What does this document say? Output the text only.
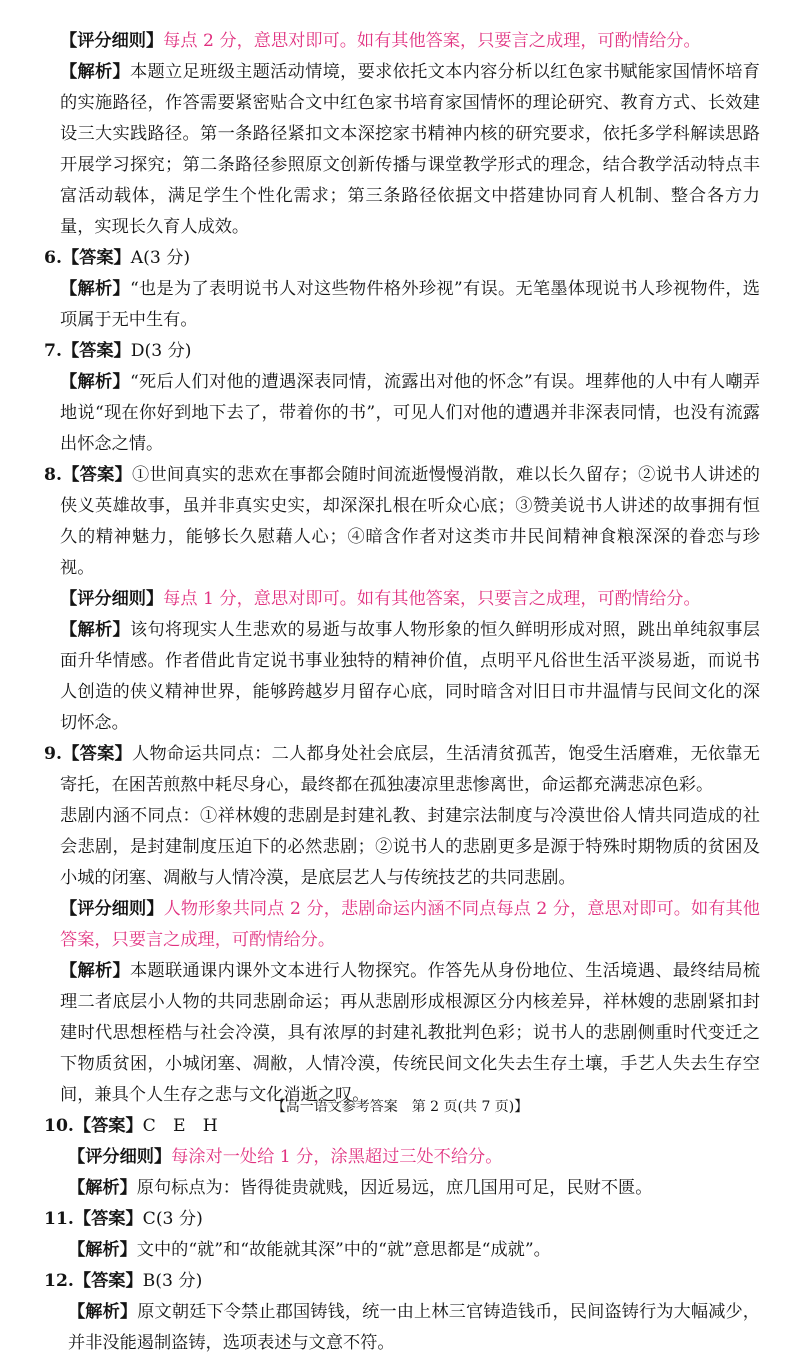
【评分细则】每点 2 分，意思对即可。如有其他答案，只要言之成理，可酌情给分。

【解析】本题立足班级主题活动情境，要求依托文本内容分析以红色家书赋能家国情怀培育的实施路径，作答需要紧密贴合文中红色家书培育家国情怀的理论研究、教育方式、长效建设三大实践路径。第一条路径紧扣文本深挖家书精神内核的研究要求，依托多学科解读思路开展学习探究；第二条路径参照原文创新传播与课堂教学形式的理念，结合教学活动特点丰富活动载体，满足学生个性化需求；第三条路径依据文中搭建协同育人机制、整合各方力量，实现长久育人成效。

6.【答案】A(3 分)

【解析】“也是为了表明说书人对这些物件格外珍视”有误。无笔墨体现说书人珍视物件，选项属于无中生有。

7.【答案】D(3 分)

【解析】“死后人们对他的遭遇深表同情，流露出对他的怀念”有误。埋葬他的人中有人嘲弄地说“现在你好到地下去了，带着你的书”，可见人们对他的遭遇并非深表同情，也没有流露出怀念之情。

8.【答案】①世间真实的悲欢在事都会随时间流逝慢慢消散，难以长久留存；②说书人讲述的侠义英雄故事，虽并非真实史实，却深深扎根在听众心底；③赞美说书人讲述的故事拥有恒久的精神魅力，能够长久慰藉人心；④暗含作者对这类市井民间精神食粮深深的眷恋与珍视。

【评分细则】每点 1 分，意思对即可。如有其他答案，只要言之成理，可酌情给分。

【解析】该句将现实人生悲欢的易逝与故事人物形象的恒久鲜明形成对照，跳出单纯叙事层面升华情感。作者借此肯定说书事业独特的精神价值，点明平凡俗世生活平淡易逝，而说书人创造的侠义精神世界，能够跨越岁月留存心底，同时暗含对旧日市井温情与民间文化的深切怀念。

9.【答案】人物命运共同点：二人都身处社会底层，生活清贫孤苦，饱受生活磨难，无依靠无寄托，在困苦煎熬中耗尽身心，最终都在孤独凄凉里悲惨离世，命运都充满悲凉色彩。

悲剧内涵不同点：①祥林嫂的悲剧是封建礼教、封建宗法制度与冷漠世俗人情共同造成的社会悲剧，是封建制度压迫下的必然悲剧；②说书人的悲剧更多是源于特殊时期物质的贫困及小城的闭塞、凋敝与人情冷漠，是底层艺人与传统技艺的共同悲剧。

【评分细则】人物形象共同点 2 分，悲剧命运内涵不同点每点 2 分，意思对即可。如有其他答案，只要言之成理，可酌情给分。

【解析】本题联通课内课外文本进行人物探究。作答先从身份地位、生活境遇、最终结局梳理二者底层小人物的共同悲剧命运；再从悲剧形成根源区分内核差异，祥林嫂的悲剧紧扣封建时代思想桎梏与社会冷漠，具有浓厚的封建礼教批判色彩；说书人的悲剧侧重时代变迁之下物质贫困，小城闭塞、凋敝，人情冷漠，传统民间文化失去生存土壤，手艺人失去生存空间，兼具个人生存之悲与文化消逝之叹。

10.【答案】C　E　H

【评分细则】每涂对一处给 1 分，涂黑超过三处不给分。

【解析】原句标点为：皆得徙贵就贱，因近易远，庶几国用可足，民财不匮。

11.【答案】C(3 分)

【解析】文中的“就”和“故能就其深”中的“就”意思都是“成就”。

12.【答案】B(3 分)

【解析】原文朝廷下令禁止郡国铸钱，统一由上林三官铸造钱币，民间盗铸行为大幅减少，并非没能遏制盗铸，选项表述与文意不符。

【高一语文参考答案　第 2 页(共 7 页)】
